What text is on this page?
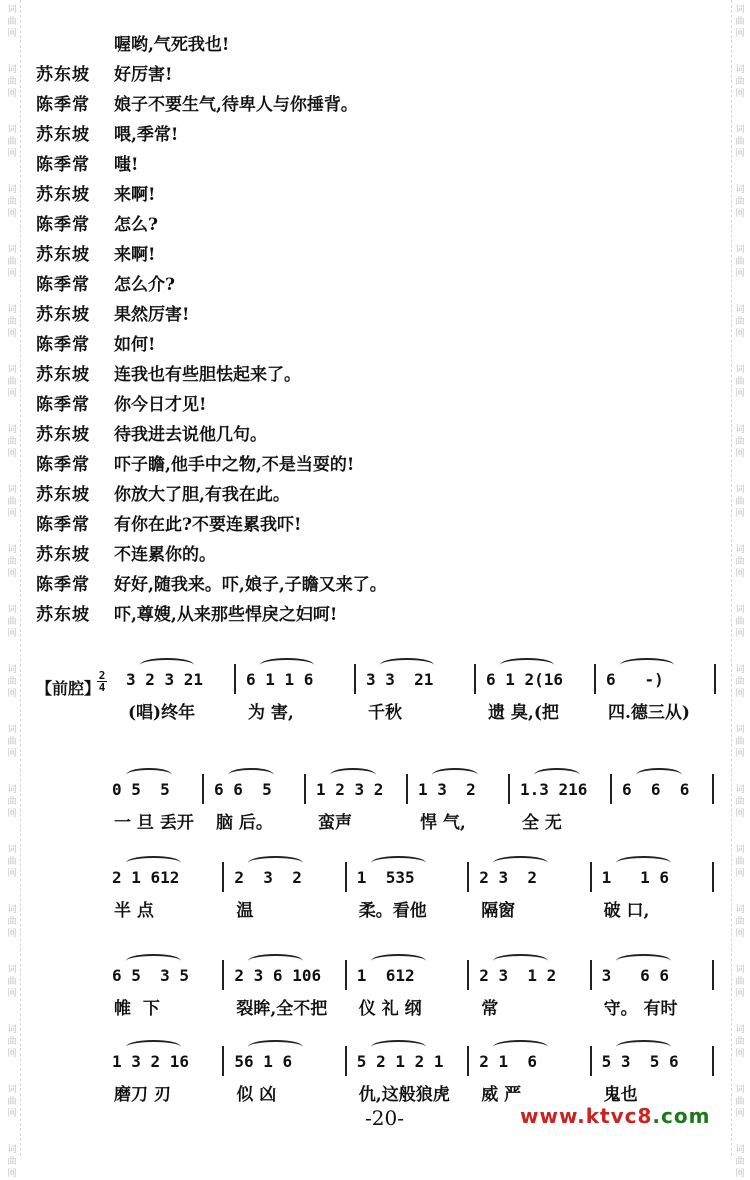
词
曲
网
词
曲
网
词
曲
网
词
曲
网
词
曲
网
词
曲
网
词
曲
网
词
曲
网
词
曲
网
词
曲
网
词
曲
网
词
曲
网
词
曲
网
词
曲
网
词
曲
网
词
曲
网
词
曲
网
词
曲
网
词
曲
网
词
曲
网
词
曲
网
词
曲
网
词
曲
网
词
曲
网
词
曲
网
词
曲
网
词
曲
网
词
曲
网
词
曲
网
词
曲
网
词
曲
网
词
曲
网
词
曲
网
词
曲
网
词
曲
网
词
曲
网
词
曲
网
词
曲
网
词
曲
网
词
曲
网
喔哟,气死我也!
苏东坡 好厉害!
陈季常 娘子不要生气,待卑人与你捶背。
苏东坡 喂,季常!
陈季常 嗤!
苏东坡 来啊!
陈季常 怎么?
苏东坡 来啊!
陈季常 怎么介?
苏东坡 果然厉害!
陈季常 如何!
苏东坡 连我也有些胆怯起来了。
陈季常 你今日才见!
苏东坡 待我进去说他几句。
陈季常 吓子瞻,他手中之物,不是当耍的!
苏东坡 你放大了胆,有我在此。
陈季常 有你在此?不要连累我吓!
苏东坡 不连累你的。
陈季常 好好,随我来。吓,娘子,子瞻又来了。
苏东坡 吓,尊嫂,从来那些悍戾之妇呵!
【前腔】
2
4 3 2 3 21	6 1 1 6	3 3  21	6 1 2(16	6   -)
(唱)终年	为 害,	千秋	遗 臭,(把	四.德三从)
0 5  5	6 6  5	1 2 3 2 1 3  2	1.3 216 6  6  6
一 旦 丢开 脑 后。	蛮声	悍 气,	全 无
2 1 612	2  3  2	1  535	2 3  2	1   1 6
半 点	温	柔。看他	隔窗	破 口,
6 5  3 5	2 3 6 106 1  612	2 3  1 2	3   6 6
帷  下	裂眸,全不把 仪 礼 纲	常	守。 有时
1 3 2 16	56 1 6	5 2 1 2 1 2 1  6	5 3  5 6
磨刀 刃	似 凶	仇,这般狼虎 威 严	鬼也
-20-	www.ktvc8.com
